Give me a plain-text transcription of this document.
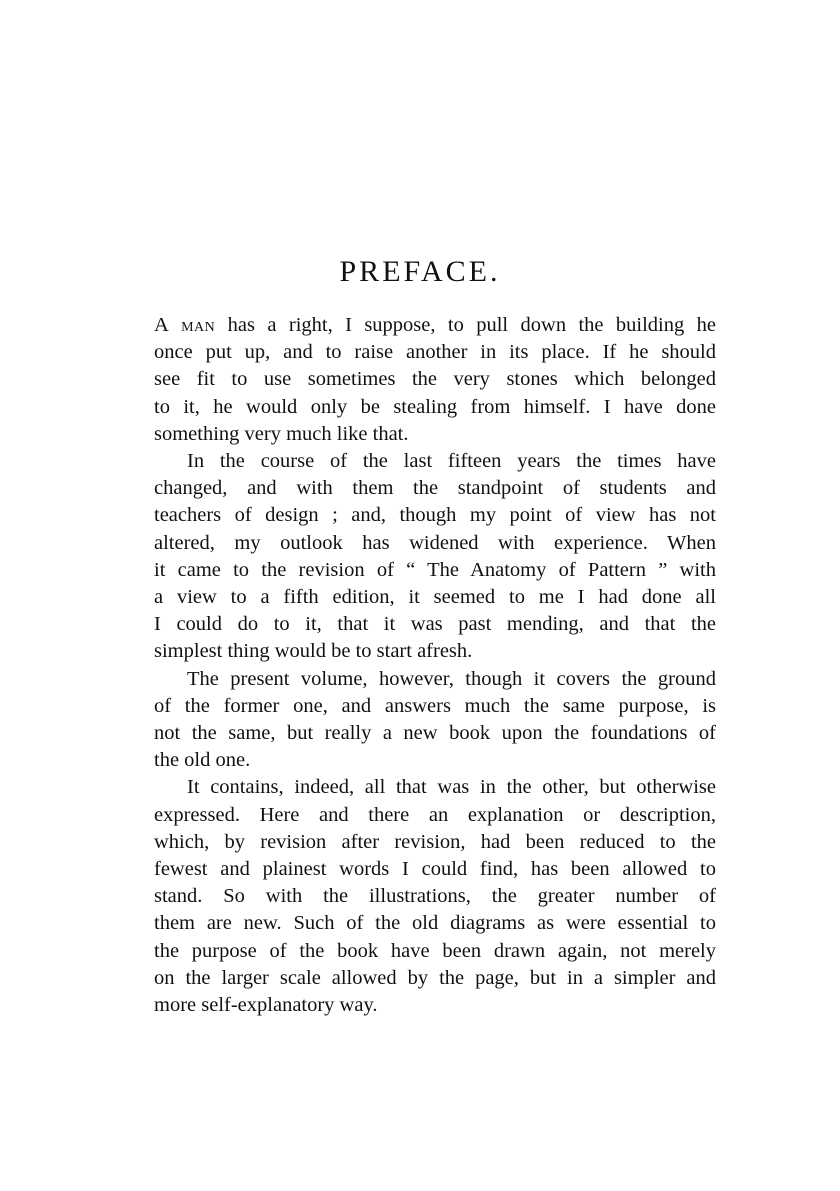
PREFACE.
A man has a right, I suppose, to pull down the building he
once put up, and to raise another in its place. If he should
see fit to use sometimes the very stones which belonged
to it, he would only be stealing from himself. I have done
something very much like that.
In the course of the last fifteen years the times have
changed, and with them the standpoint of students and
teachers of design ; and, though my point of view has not
altered, my outlook has widened with experience. When
it came to the revision of “ The Anatomy of Pattern ” with
a view to a fifth edition, it seemed to me I had done all
I could do to it, that it was past mending, and that the
simplest thing would be to start afresh.
The present volume, however, though it covers the ground
of the former one, and answers much the same purpose, is
not the same, but really a new book upon the foundations of
the old one.
It contains, indeed, all that was in the other, but otherwise
expressed. Here and there an explanation or description,
which, by revision after revision, had been reduced to the
fewest and plainest words I could find, has been allowed to
stand. So with the illustrations, the greater number of
them are new. Such of the old diagrams as were essential to
the purpose of the book have been drawn again, not merely
on the larger scale allowed by the page, but in a simpler and
more self-explanatory way.
